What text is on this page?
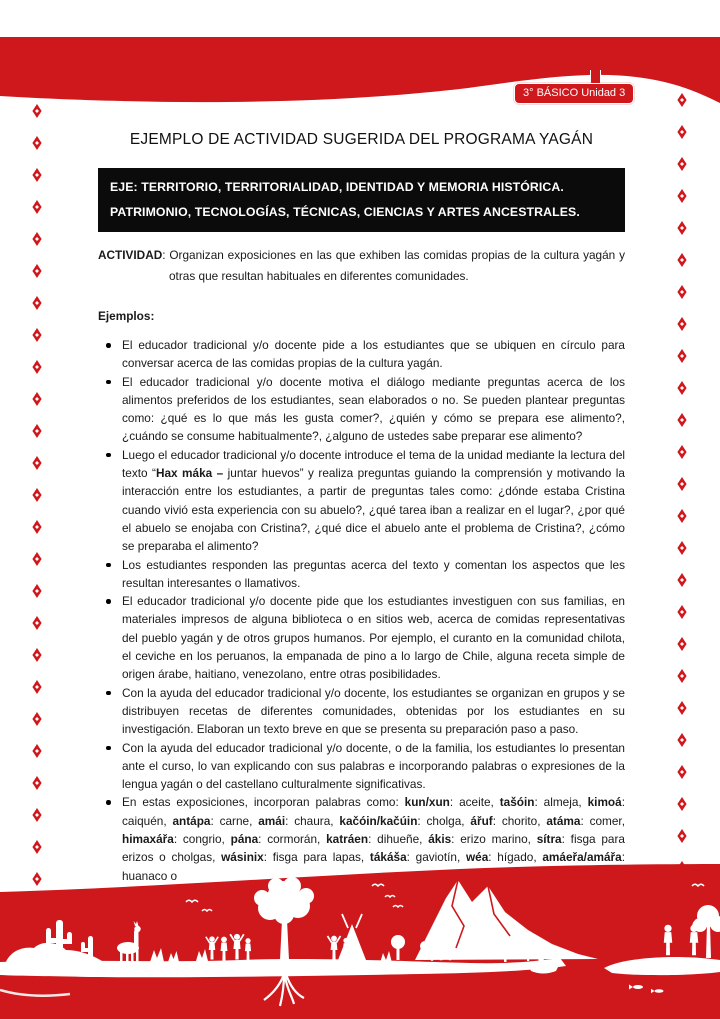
3° BÁSICO Unidad 3
EJEMPLO DE ACTIVIDAD SUGERIDA DEL PROGRAMA YAGÁN
EJE: TERRITORIO, TERRITORIALIDAD, IDENTIDAD Y MEMORIA HISTÓRICA.
PATRIMONIO, TECNOLOGÍAS, TÉCNICAS, CIENCIAS Y ARTES ANCESTRALES.

ACTIVIDAD: Organizan exposiciones en las que exhiben las comidas propias de la cultura yagán y otras que resultan habituales en diferentes comunidades.

Ejemplos:

El educador tradicional y/o docente pide a los estudiantes que se ubiquen en círculo para conversar acerca de las comidas propias de la cultura yagán.
El educador tradicional y/o docente motiva el diálogo mediante preguntas acerca de los alimentos preferidos de los estudiantes, sean elaborados o no. Se pueden plantear preguntas como: ¿qué es lo que más les gusta comer?, ¿quién y cómo se prepara ese alimento?, ¿cuándo se consume habitualmente?, ¿alguno de ustedes sabe preparar ese alimento?
Luego el educador tradicional y/o docente introduce el tema de la unidad mediante la lectura del texto “Hax máka – juntar huevos” y realiza preguntas guiando la comprensión y motivando la interacción entre los estudiantes, a partir de preguntas tales como: ¿dónde estaba Cristina cuando vivió esta experiencia con su abuelo?, ¿qué tarea iban a realizar en el lugar?, ¿por qué el abuelo se enojaba con Cristina?, ¿qué dice el abuelo ante el problema de Cristina?, ¿cómo se preparaba el alimento?
Los estudiantes responden las preguntas acerca del texto y comentan los aspectos que les resultan interesantes o llamativos.
El educador tradicional y/o docente pide que los estudiantes investiguen con sus familias, en materiales impresos de alguna biblioteca o en sitios web, acerca de comidas representativas del pueblo yagán y de otros grupos humanos. Por ejemplo, el curanto en la comunidad chilota, el ceviche en los peruanos, la empanada de pino a lo largo de Chile, alguna receta simple de origen árabe, haitiano, venezolano, entre otras posibilidades.
Con la ayuda del educador tradicional y/o docente, los estudiantes se organizan en grupos y se distribuyen recetas de diferentes comunidades, obtenidas por los estudiantes en su investigación. Elaboran un texto breve en que se presenta su preparación paso a paso.
Con la ayuda del educador tradicional y/o docente, o de la familia, los estudiantes lo presentan ante el curso, lo van explicando con sus palabras e incorporando palabras o expresiones de la lengua yagán o del castellano culturalmente significativas.
En estas exposiciones, incorporan palabras como: kun/xun: aceite, tašóin: almeja, kimoá: caiquén, antápa: carne, amái: chaura, kačóin/kačúin: cholga, ářuf: chorito, atáma: comer, himaxářa: congrio, pána: cormorán, katráen: dihueñe, ákis: erizo marino, sítra: fisga para erizos o cholgas, wásinix: fisga para lapas, tákáša: gaviotín, wéa: hígado, amáeřa/amářa: huanaco o
